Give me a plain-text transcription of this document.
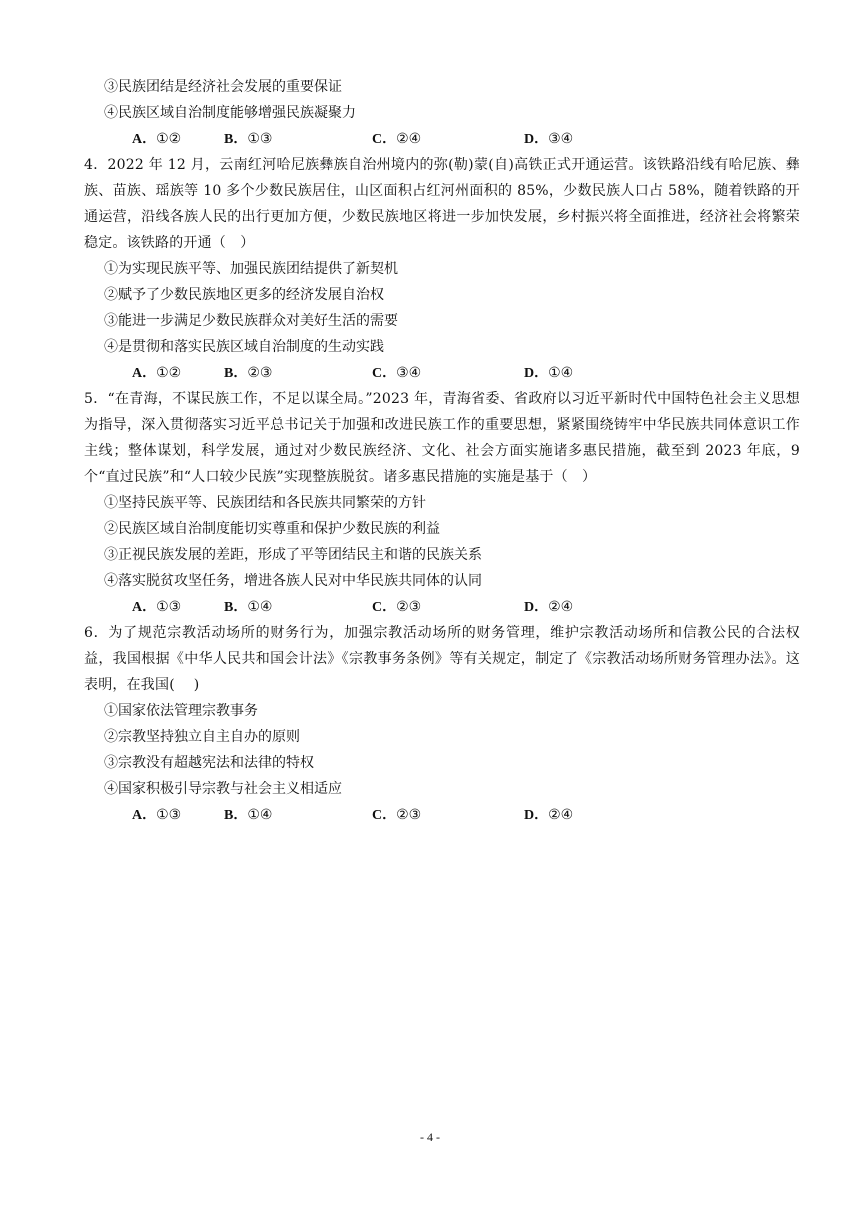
③民族团结是经济社会发展的重要保证
④民族区域自治制度能够增强民族凝聚力
A．①②	B．①③	C．②④	D．③④
4．2022 年 12 月，云南红河哈尼族彝族自治州境内的弥(勒)蒙(自)高铁正式开通运营。该铁路沿线有哈尼族、彝族、苗族、瑶族等 10 多个少数民族居住，山区面积占红河州面积的 85%，少数民族人口占 58%，随着铁路的开通运营，沿线各族人民的出行更加方便，少数民族地区将进一步加快发展，乡村振兴将全面推进，经济社会将繁荣稳定。该铁路的开通（　）
①为实现民族平等、加强民族团结提供了新契机
②赋予了少数民族地区更多的经济发展自治权
③能进一步满足少数民族群众对美好生活的需要
④是贯彻和落实民族区域自治制度的生动实践
A．①②	B．②③	C．③④	D．①④
5．“在青海，不谋民族工作，不足以谋全局。”2023 年，青海省委、省政府以习近平新时代中国特色社会主义思想为指导，深入贯彻落实习近平总书记关于加强和改进民族工作的重要思想，紧紧围绕铸牢中华民族共同体意识工作主线；整体谋划，科学发展，通过对少数民族经济、文化、社会方面实施诸多惠民措施，截至到 2023 年底，9 个“直过民族”和“人口较少民族”实现整族脱贫。诸多惠民措施的实施是基于（　）
①坚持民族平等、民族团结和各民族共同繁荣的方针
②民族区域自治制度能切实尊重和保护少数民族的利益
③正视民族发展的差距，形成了平等团结民主和谐的民族关系
④落实脱贫攻坚任务，增进各族人民对中华民族共同体的认同
A．①③	B．①④	C．②③	D．②④
6．为了规范宗教活动场所的财务行为，加强宗教活动场所的财务管理，维护宗教活动场所和信教公民的合法权益，我国根据《中华人民共和国会计法》《宗教事务条例》等有关规定，制定了《宗教活动场所财务管理办法》。这表明，在我国(　 )
①国家依法管理宗教事务
②宗教坚持独立自主自办的原则
③宗教没有超越宪法和法律的特权
④国家积极引导宗教与社会主义相适应
A．①③	B．①④	C．②③	D．②④
- 4 -
